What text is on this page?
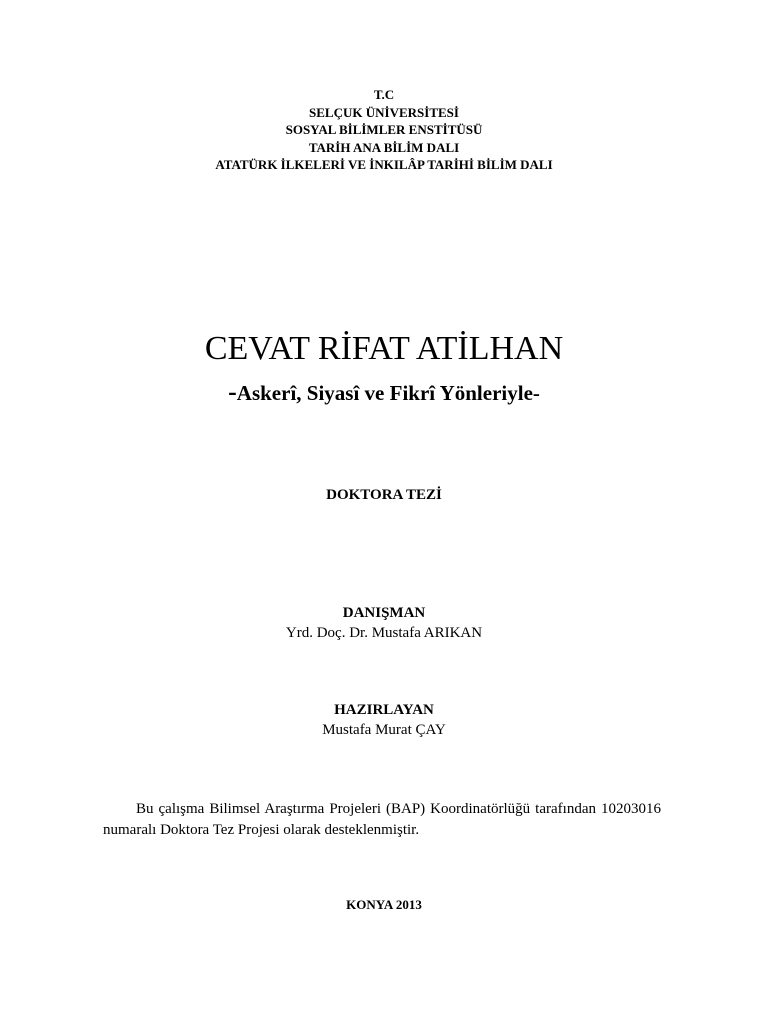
T.C
SELÇUK ÜNİVERSİTESİ
SOSYAL BİLİMLER ENSTİTÜSÜ
TARİH ANA BİLİM DALI
ATATÜRK İLKELERİ VE İNKILÂP TARİHİ BİLİM DALI
CEVAT RİFAT ATİLHAN
-Askerî, Siyasî ve Fikrî Yönleriyle-
DOKTORA TEZİ
DANIŞMAN
Yrd. Doç. Dr. Mustafa ARIKAN
HAZIRLAYAN
Mustafa Murat ÇAY
Bu çalışma Bilimsel Araştırma Projeleri (BAP) Koordinatörlüğü tarafından 10203016 numaralı Doktora Tez Projesi olarak desteklenmiştir.
KONYA 2013
